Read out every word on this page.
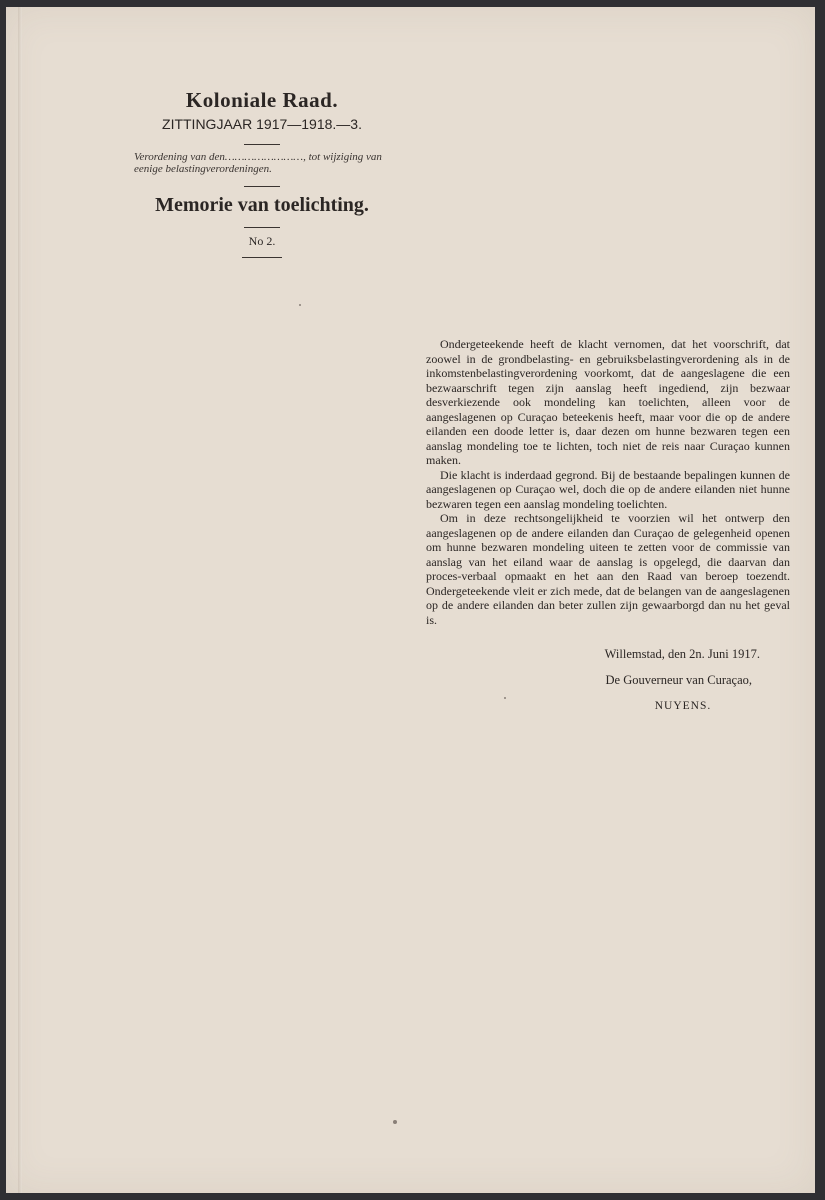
Koloniale Raad.
ZITTINGJAAR 1917—1918.—3.
Verordening van den……………………, tot wijziging van eenige belastingverordeningen.
Memorie van toelichting.
No 2.

Ondergeteekende heeft de klacht vernomen, dat het voorschrift, dat zoowel in de grondbelasting- en gebruiksbelastingverordening als in de inkomstenbelastingverordening voorkomt, dat de aangeslagene die een bezwaarschrift tegen zijn aanslag heeft ingediend, zijn bezwaar desverkiezende ook mondeling kan toelichten, alleen voor de aangeslagenen op Curaçao beteekenis heeft, maar voor die op de andere eilanden een doode letter is, daar dezen om hunne bezwaren tegen een aanslag mondeling toe te lichten, toch niet de reis naar Curaçao kunnen maken.

Die klacht is inderdaad gegrond. Bij de bestaande bepalingen kunnen de aangeslagenen op Curaçao wel, doch die op de andere eilanden niet hunne bezwaren tegen een aanslag mondeling toelichten.

Om in deze rechtsongelijkheid te voorzien wil het ontwerp den aangeslagenen op de andere eilanden dan Curaçao de gelegenheid openen om hunne bezwaren mondeling uiteen te zetten voor de commissie van aanslag van het eiland waar de aanslag is opgelegd, die daarvan dan proces-verbaal opmaakt en het aan den Raad van beroep toezendt. Ondergeteekende vleit er zich mede, dat de belangen van de aangeslagenen op de andere eilanden dan beter zullen zijn gewaarborgd dan nu het geval is.

Willemstad, den 2n. Juni 1917.
De Gouverneur van Curaçao,
NUYENS.
